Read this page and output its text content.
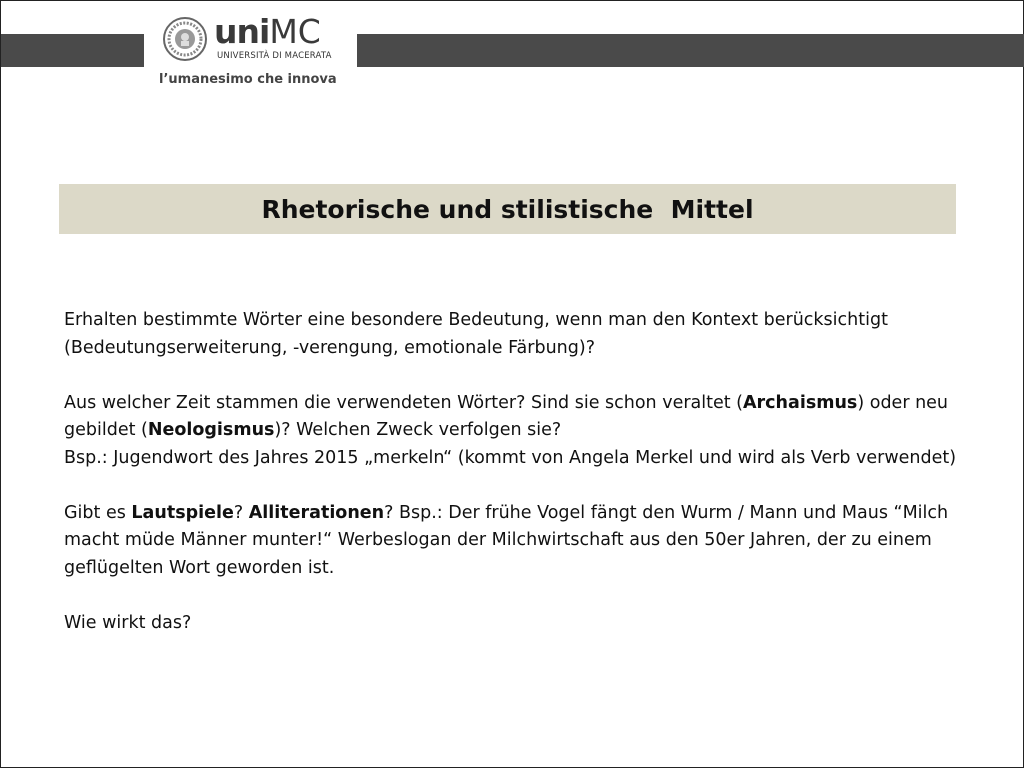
uniMC
UNIVERSITÀ DI MACERATA
l’umanesimo che innova
Rhetorische und stilistische  Mittel

Erhalten bestimmte Wörter eine besondere Bedeutung, wenn man den Kontext berücksichtigt (Bedeutungserweiterung, -verengung, emotionale Färbung)?

Aus welcher Zeit stammen die verwendeten Wörter? Sind sie schon veraltet (Archaismus) oder neu gebildet (Neologismus)? Welchen Zweck verfolgen sie?

Bsp.: Jugendwort des Jahres 2015 „merkeln“ (kommt von Angela Merkel und wird als Verb verwendet)

Gibt es Lautspiele? Alliterationen? Bsp.: Der frühe Vogel fängt den Wurm / Mann und Maus “Milch macht müde Männer munter!“ Werbeslogan der Milchwirtschaft aus den 50er Jahren, der zu einem geflügelten Wort geworden ist.

Wie wirkt das?
